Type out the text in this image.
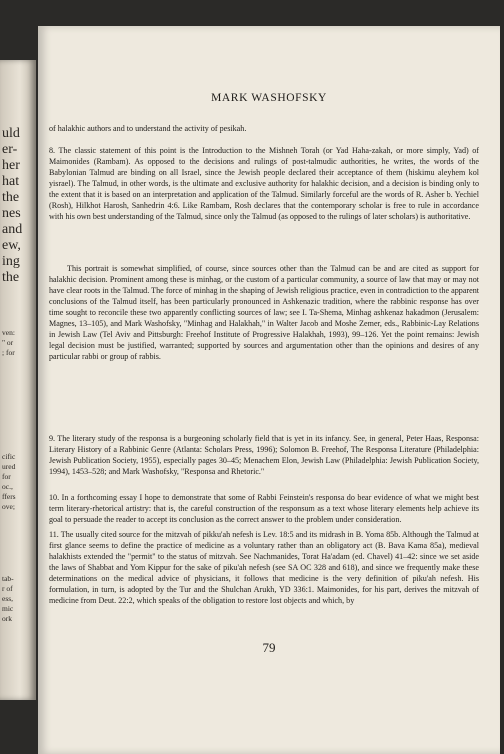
uld
er-
her
hat
the
nes
and
ew,
ing
the
ven:
" or
; for
cific
ured
for
oc.,
ffers
ove;
tab-
r of
ess,
mic
ork
MARK WASHOFSKY

of halakhic authors and to understand the activity of pesikah.

8. The classic statement of this point is the Introduction to the Mishneh Torah (or Yad Haha-zakah, or more simply, Yad) of Maimonides (Rambam). As opposed to the decisions and rulings of post-talmudic authorities, he writes, the words of the Babylonian Talmud are binding on all Israel, since the Jewish people declared their acceptance of them (hiskimu aleyhem kol yisrael). The Talmud, in other words, is the ultimate and exclusive authority for halakhic decision, and a decision is binding only to the extent that it is based on an interpretation and application of the Talmud. Similarly forceful are the words of R. Asher b. Yechiel (Rosh), Hilkhot Harosh, Sanhedrin 4:6. Like Rambam, Rosh declares that the contemporary scholar is free to rule in accordance with his own best understanding of the Talmud, since only the Talmud (as opposed to the rulings of later scholars) is authoritative.

This portrait is somewhat simplified, of course, since sources other than the Talmud can be and are cited as support for halakhic decision. Prominent among these is minhag, or the custom of a particular community, a source of law that may or may not have clear roots in the Talmud. The force of minhag in the shaping of Jewish religious practice, even in contradiction to the apparent conclusions of the Talmud itself, has been particularly pronounced in Ashkenazic tradition, where the rabbinic response has over time sought to reconcile these two apparently conflicting sources of law; see I. Ta-Shema, Minhag ashkenaz hakadmon (Jerusalem: Magnes, 13–105), and Mark Washofsky, "Minhag and Halakhah," in Walter Jacob and Moshe Zemer, eds., Rabbinic-Lay Relations in Jewish Law (Tel Aviv and Pittsburgh: Freehof Institute of Progressive Halakhah, 1993), 99–126. Yet the point remains: Jewish legal decision must be justified, warranted; supported by sources and argumentation other than the opinions and desires of any particular rabbi or group of rabbis.

9. The literary study of the responsa is a burgeoning scholarly field that is yet in its infancy. See, in general, Peter Haas, Responsa: Literary History of a Rabbinic Genre (Atlanta: Scholars Press, 1996); Solomon B. Freehof, The Responsa Literature (Philadelphia: Jewish Publication Society, 1955), especially pages 30–45; Menachem Elon, Jewish Law (Philadelphia: Jewish Publication Society, 1994), 1453–528; and Mark Washofsky, "Responsa and Rhetoric."

10. In a forthcoming essay I hope to demonstrate that some of Rabbi Feinstein's responsa do bear evidence of what we might best term literary-rhetorical artistry: that is, the careful construction of the responsum as a text whose literary elements help achieve its goal to persuade the reader to accept its conclusion as the correct answer to the problem under consideration.

11. The usually cited source for the mitzvah of pikku'ah nefesh is Lev. 18:5 and its midrash in B. Yoma 85b. Although the Talmud at first glance seems to define the practice of medicine as a voluntary rather than an obligatory act (B. Bava Kama 85a), medieval halakhists extended the "permit" to the status of mitzvah. See Nachmanides, Torat Ha'adam (ed. Chavel) 41–42: since we set aside the laws of Shabbat and Yom Kippur for the sake of piku'ah nefesh (see SA OC 328 and 618), and since we frequently make these determinations on the medical advice of physicians, it follows that medicine is the very definition of piku'ah nefesh. His formulation, in turn, is adopted by the Tur and the Shulchan Arukh, YD 336:1. Maimonides, for his part, derives the mitzvah of medicine from Deut. 22:2, which speaks of the obligation to restore lost objects and which, by

79
